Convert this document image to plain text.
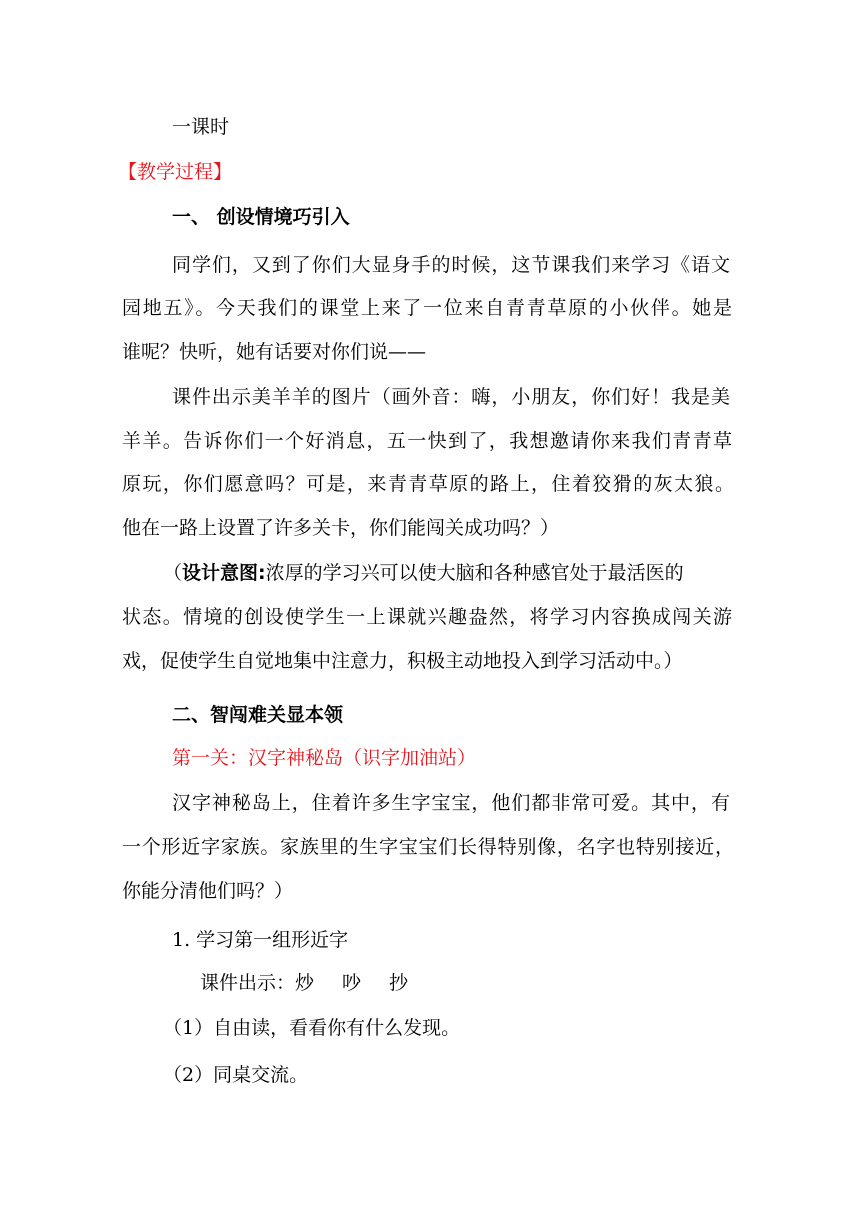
一课时
【教学过程】
一、 创设情境巧引入
同学们，又到了你们大显身手的时候，这节课我们来学习《语文
园地五》。今天我们的课堂上来了一位来自青青草原的小伙伴。她是
谁呢？快听，她有话要对你们说——
课件出示美羊羊的图片（画外音：嗨，小朋友，你们好！我是美
羊羊。告诉你们一个好消息，五一快到了，我想邀请你来我们青青草
原玩，你们愿意吗？可是，来青青草原的路上，住着狡猾的灰太狼。
他在一路上设置了许多关卡，你们能闯关成功吗？）
（设计意图:浓厚的学习兴可以使大脑和各种感官处于最活医的
状态。情境的创设使学生一上课就兴趣盎然，将学习内容换成闯关游
戏，促使学生自觉地集中注意力，积极主动地投入到学习活动中。）
二、智闯难关显本领
第一关：汉字神秘岛（识字加油站）
汉字神秘岛上，住着许多生字宝宝，他们都非常可爱。其中，有
一个形近字家族。家族里的生字宝宝们长得特别像，名字也特别接近，
你能分清他们吗？）
1. 学习第一组形近字
课件出示：炒 吵 抄
（1）自由读，看看你有什么发现。
（2）同桌交流。
